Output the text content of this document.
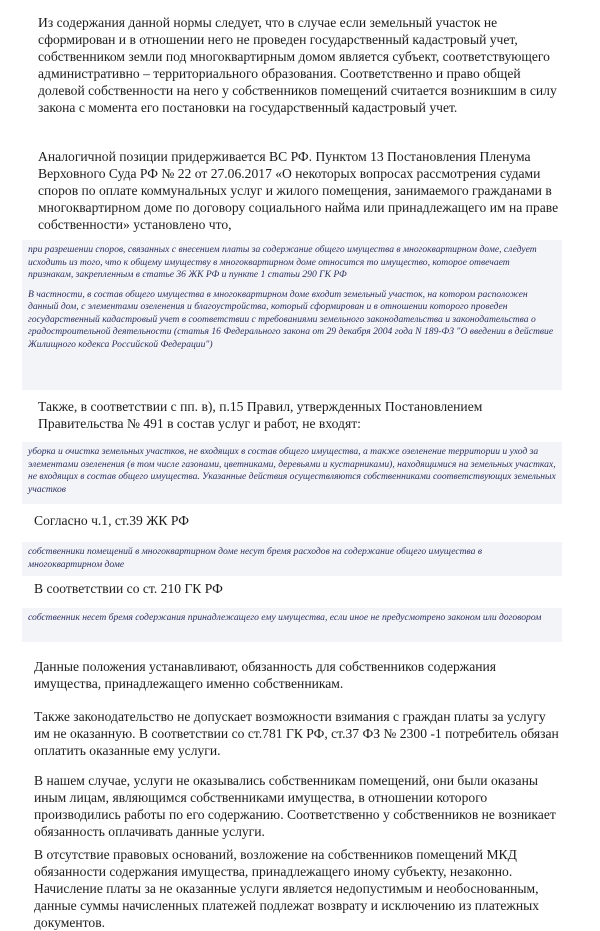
Из содержания данной нормы следует, что в случае если земельный участок не сформирован и в отношении него не проведен государственный кадастровый учет, собственником земли под многоквартирным домом является субъект, соответствующего административно – территориального образования. Соответственно и право общей долевой собственности на него у собственников помещений считается возникшим в силу закона с момента его постановки на государственный кадастровый учет.

Аналогичной позиции придерживается ВС РФ. Пунктом 13 Постановления Пленума Верховного Суда РФ № 22 от 27.06.2017 «О некоторых вопросах рассмотрения судами споров по оплате коммунальных услуг и жилого помещения, занимаемого гражданами в многоквартирном доме по договору социального найма или принадлежащего им на праве собственности» установлено что,

при разрешении споров, связанных с внесением платы за содержание общего имущества в многоквартирном доме, следует исходить из того, что к общему имуществу в многоквартирном доме относится то имущество, которое отвечает признакам, закрепленным в статье 36 ЖК РФ и пункте 1 статьи 290 ГК РФ

В частности, в состав общего имущества в многоквартирном доме входит земельный участок, на котором расположен данный дом, с элементами озеленения и благоустройства, который сформирован и в отношении которого проведен государственный кадастровый учет в соответствии с требованиями земельного законодательства и законодательства о градостроительной деятельности (статья 16 Федерального закона от 29 декабря 2004 года N 189-ФЗ "О введении в действие Жилищного кодекса Российской Федерации")

Также, в соответствии с пп. в), п.15 Правил, утвержденных Постановлением Правительства № 491 в состав услуг и работ, не входят:

уборка и очистка земельных участков, не входящих в состав общего имущества, а также озеленение территории и уход за элементами озеленения (в том числе газонами, цветниками, деревьями и кустарниками), находящимися на земельных участках, не входящих в состав общего имущества. Указанные действия осуществляются собственниками соответствующих земельных участков

Согласно ч.1, ст.39 ЖК РФ

собственники помещений в многоквартирном доме несут бремя расходов на содержание общего имущества в многоквартирном доме

В соответствии со ст. 210 ГК РФ

собственник несет бремя содержания принадлежащего ему имущества, если иное не предусмотрено законом или договором

Данные положения устанавливают, обязанность для собственников содержания имущества, принадлежащего именно собственникам.

Также законодательство не допускает возможности взимания с граждан платы за услугу им не оказанную. В соответствии со ст.781 ГК РФ, ст.37 ФЗ № 2300 -1 потребитель обязан оплатить оказанные ему услуги.

В нашем случае, услуги не оказывались собственникам помещений, они были оказаны иным лицам, являющимся собственниками имущества, в отношении которого производились работы по его содержанию. Соответственно у собственников не возникает обязанность оплачивать данные услуги.

В отсутствие правовых оснований, возложение на собственников помещений МКД обязанности содержания имущества, принадлежащего иному субъекту, незаконно. Начисление платы за не оказанные услуги является недопустимым и необоснованным, данные суммы начисленных платежей подлежат возврату и исключению из платежных документов.
